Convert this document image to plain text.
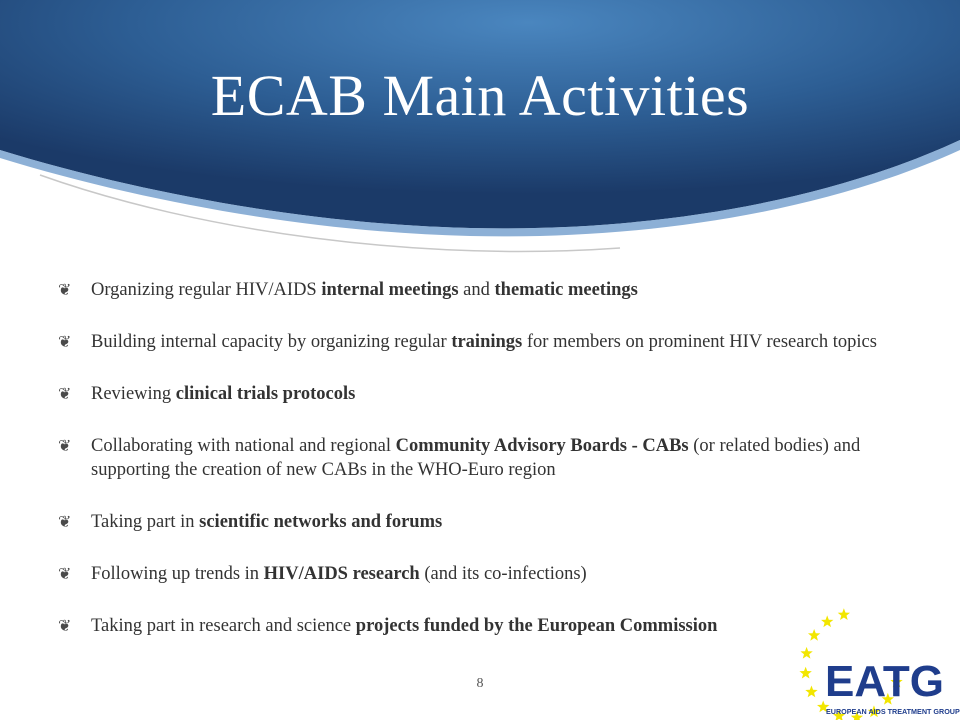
ECAB Main Activities
❦ Organizing regular HIV/AIDS internal meetings and thematic meetings
❦ Building internal capacity by organizing regular trainings for members on prominent HIV research topics
❦ Reviewing clinical trials protocols
❦ Collaborating with national and regional Community Advisory Boards - CABs (or related bodies) and supporting the creation of new CABs in the WHO-Euro region
❦ Taking part in scientific networks and forums
❦ Following up trends in HIV/AIDS research (and its co-infections)
❦ Taking part in research and science projects funded by the European Commission
8	EATG
EUROPEAN AIDS TREATMENT GROUP
